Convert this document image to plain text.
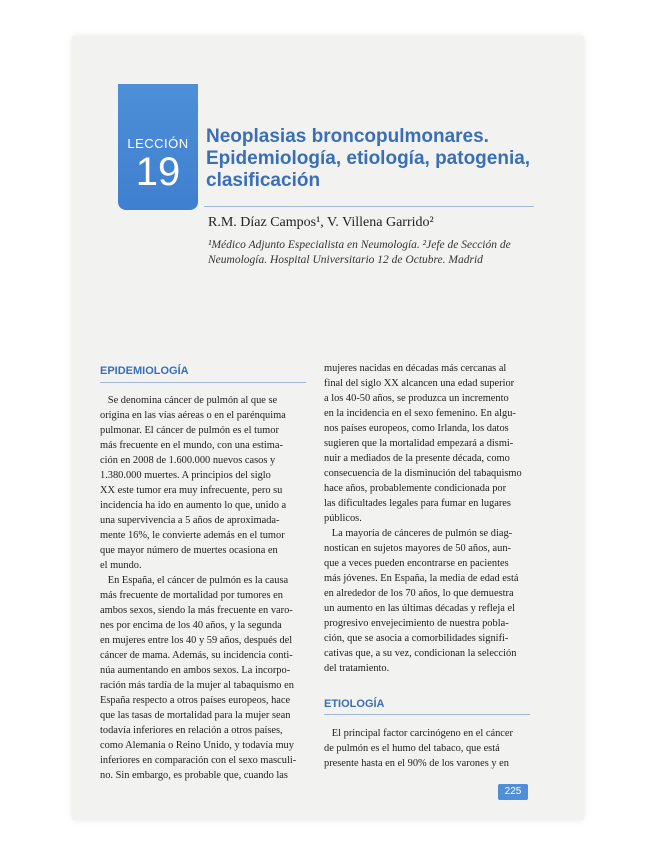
LECCIÓN
19
Neoplasias broncopulmonares.
Epidemiología, etiología, patogenia,
clasificación
R.M. Díaz Campos¹, V. Villena Garrido²
¹Médico Adjunto Especialista en Neumología. ²Jefe de Sección de
Neumología. Hospital Universitario 12 de Octubre. Madrid
EPIDEMIOLOGÍA
Se denomina cáncer de pulmón al que se
origina en las vías aéreas o en el parénquima
pulmonar. El cáncer de pulmón es el tumor
más frecuente en el mundo, con una estima-
ción en 2008 de 1.600.000 nuevos casos y
1.380.000 muertes. A principios del siglo
XX este tumor era muy infrecuente, pero su
incidencia ha ido en aumento lo que, unido a
una supervivencia a 5 años de aproximada-
mente 16%, le convierte además en el tumor
que mayor número de muertes ocasiona en
el mundo.
En España, el cáncer de pulmón es la causa
más frecuente de mortalidad por tumores en
ambos sexos, siendo la más frecuente en varo-
nes por encima de los 40 años, y la segunda
en mujeres entre los 40 y 59 años, después del
cáncer de mama. Además, su incidencia conti-
núa aumentando en ambos sexos. La incorpo-
ración más tardía de la mujer al tabaquismo en
España respecto a otros países europeos, hace
que las tasas de mortalidad para la mujer sean
todavía inferiores en relación a otros países,
como Alemania o Reino Unido, y todavía muy
inferiores en comparación con el sexo masculi-
no. Sin embargo, es probable que, cuando las
mujeres nacidas en décadas más cercanas al
final del siglo XX alcancen una edad superior
a los 40-50 años, se produzca un incremento
en la incidencia en el sexo femenino. En algu-
nos países europeos, como Irlanda, los datos
sugieren que la mortalidad empezará a dismi-
nuir a mediados de la presente década, como
consecuencia de la disminución del tabaquismo
hace años, probablemente condicionada por
las dificultades legales para fumar en lugares
públicos.
La mayoría de cánceres de pulmón se diag-
nostican en sujetos mayores de 50 años, aun-
que a veces pueden encontrarse en pacientes
más jóvenes. En España, la media de edad está
en alrededor de los 70 años, lo que demuestra
un aumento en las últimas décadas y refleja el
progresivo envejecimiento de nuestra pobla-
ción, que se asocia a comorbilidades signifi-
cativas que, a su vez, condicionan la selección
del tratamiento.
ETIOLOGÍA
El principal factor carcinógeno en el cáncer
de pulmón es el humo del tabaco, que está
presente hasta en el 90% de los varones y en
225
